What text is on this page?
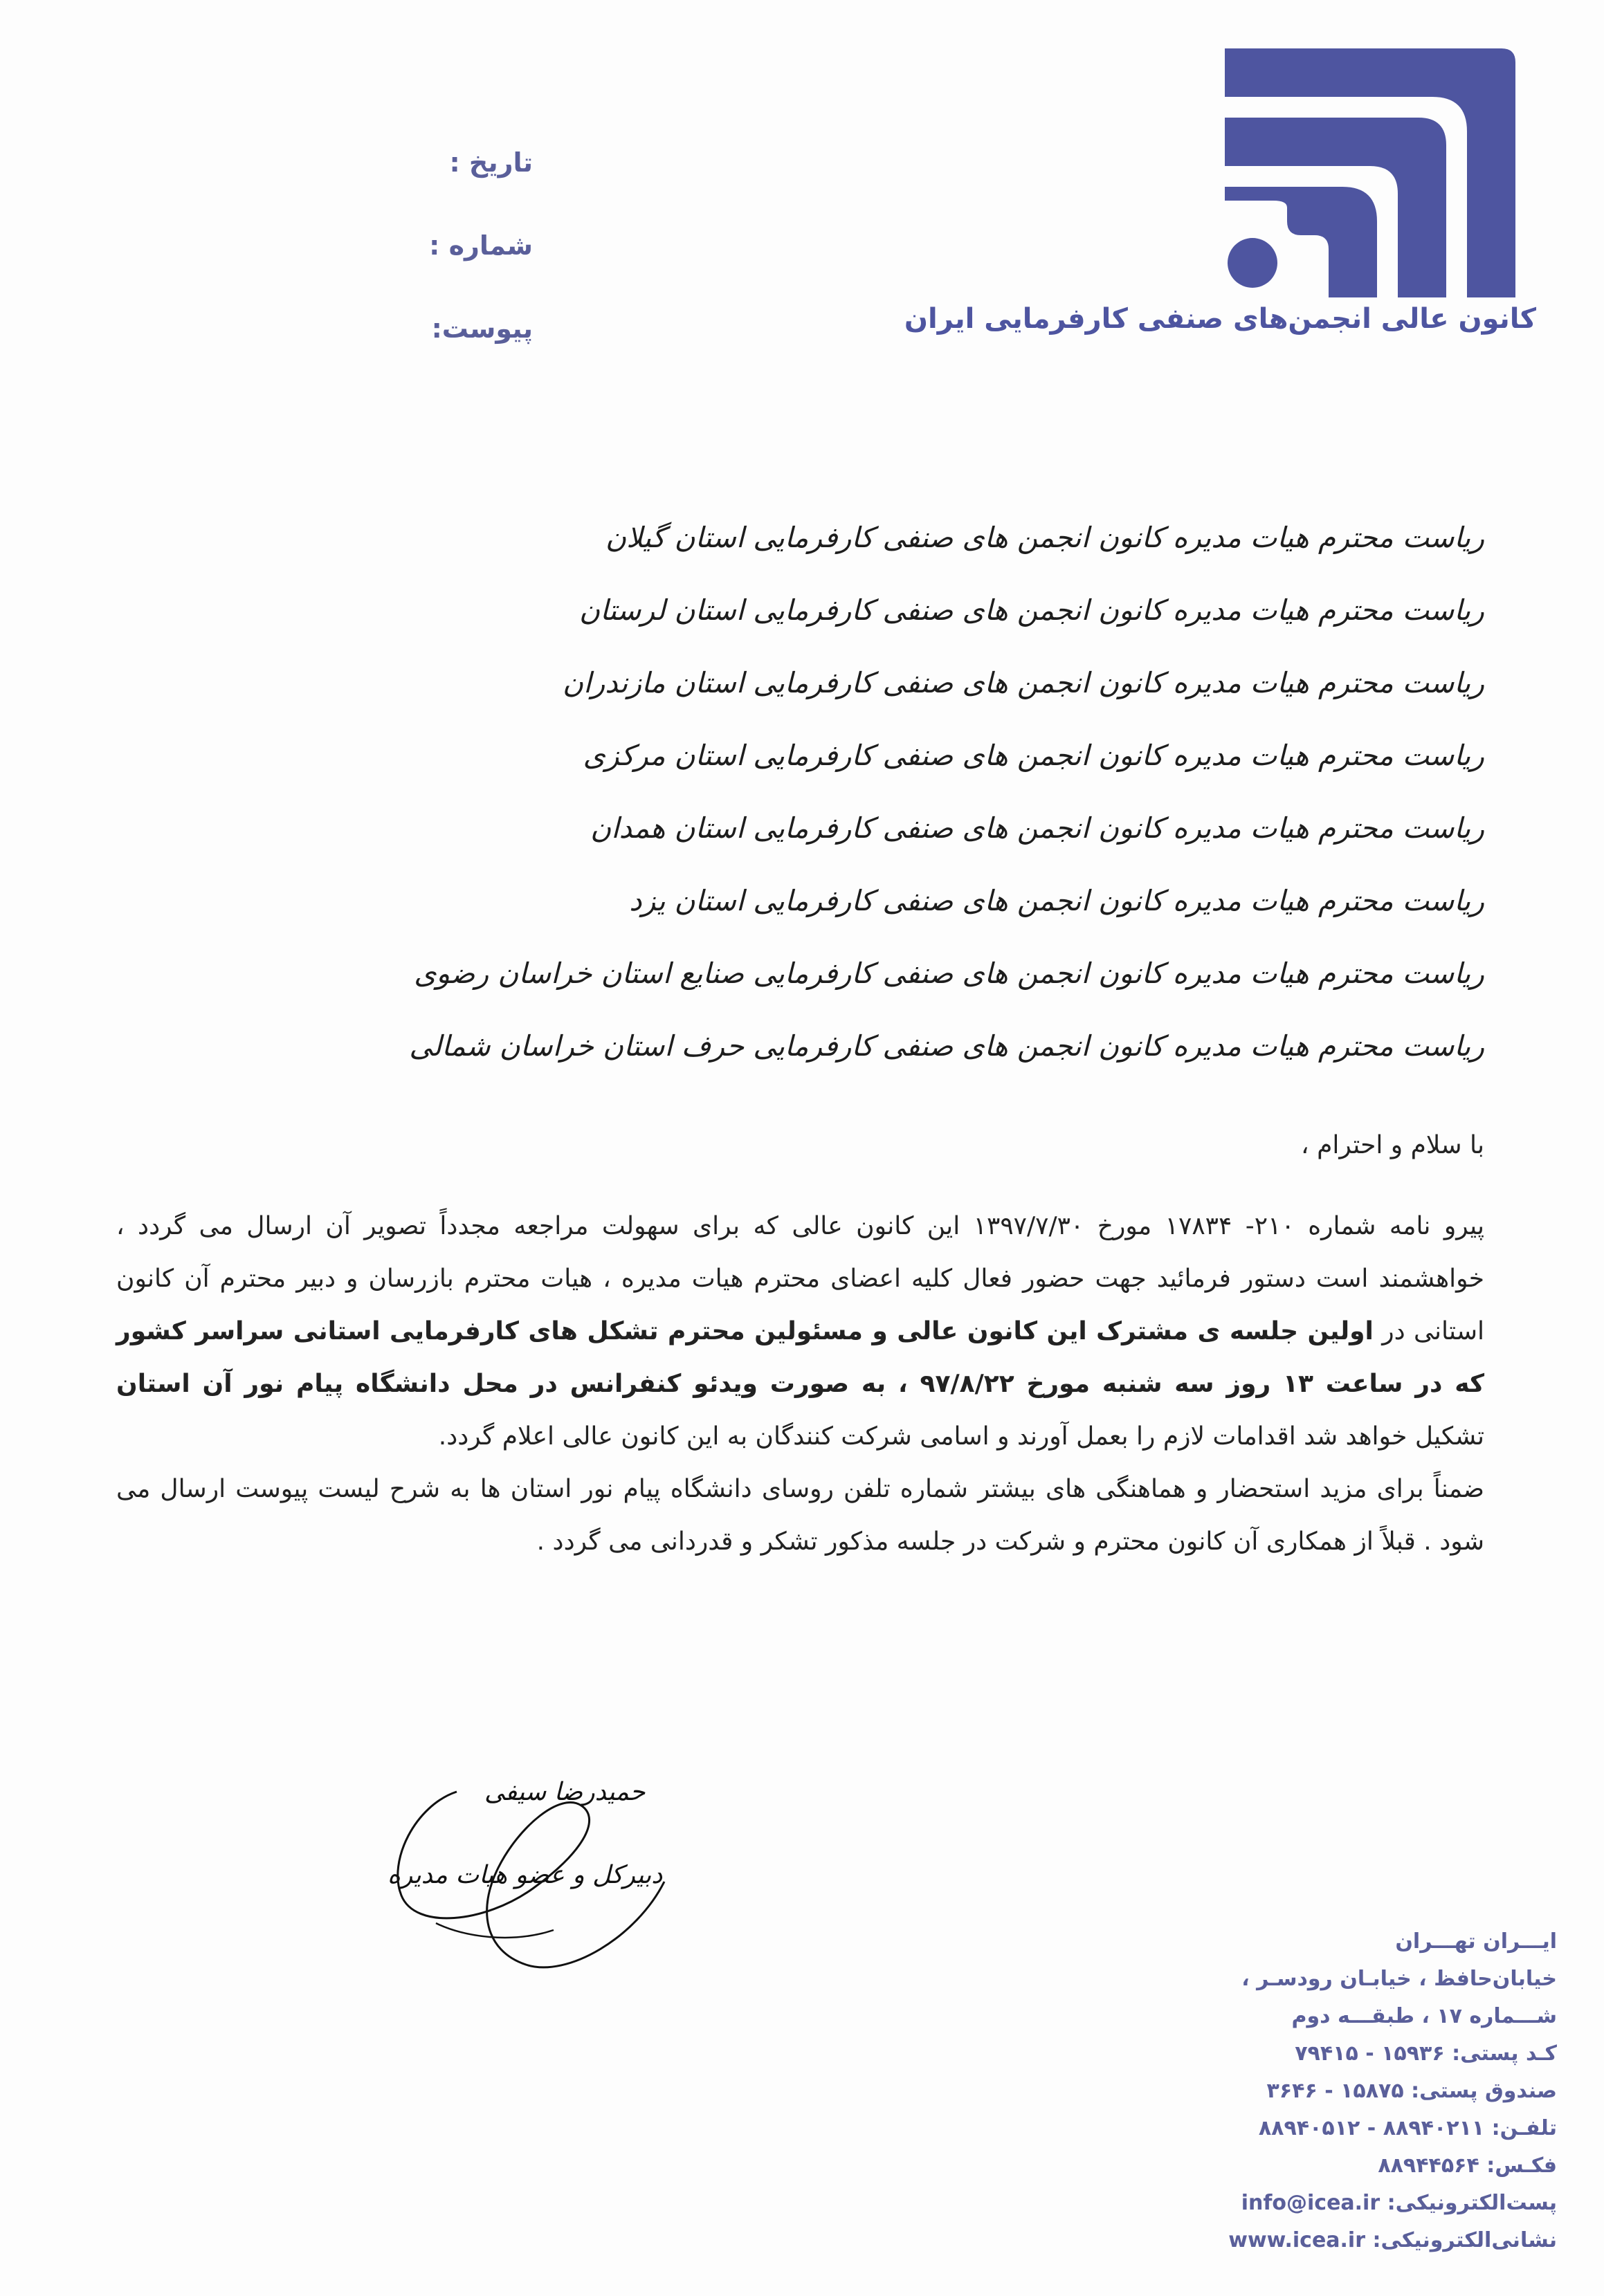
تاریخ :
شماره :
پیوست:	کانون عالی انجمن‌های صنفی کارفرمایی ایران
ریاست محترم هیات مدیره کانون انجمن های صنفی کارفرمایی استان گیلان
ریاست محترم هیات مدیره کانون انجمن های صنفی کارفرمایی استان لرستان
ریاست محترم هیات مدیره کانون انجمن های صنفی کارفرمایی استان مازندران
ریاست محترم هیات مدیره کانون انجمن های صنفی کارفرمایی استان مرکزی
ریاست محترم هیات مدیره کانون انجمن های صنفی کارفرمایی استان همدان
ریاست محترم هیات مدیره کانون انجمن های صنفی کارفرمایی استان یزد
ریاست محترم هیات مدیره کانون انجمن های صنفی کارفرمایی صنایع استان خراسان رضوی
ریاست محترم هیات مدیره کانون انجمن های صنفی کارفرمایی حرف استان خراسان شمالی
با سلام و احترام ،

پیرو نامه شماره ۲۱۰- ۱۷۸۳۴ مورخ ۱۳۹۷/۷/۳۰ این کانون عالی که برای سهولت مراجعه مجدداً تصویر آن ارسال می گردد ، خواهشمند است دستور فرمائید جهت حضور فعال کلیه اعضای محترم هیات مدیره ، هیات محترم بازرسان و دبیر محترم آن کانون استانی در اولین جلسه ی مشترک این کانون عالی و مسئولین محترم تشکل های کارفرمایی استانی سراسر کشور که در ساعت ۱۳ روز سه شنبه مورخ ۹۷/۸/۲۲ ، به صورت ویدئو کنفرانس در محل دانشگاه پیام نور آن استان تشکیل خواهد شد اقدامات لازم را بعمل آورند و اسامی شرکت کنندگان به این کانون عالی اعلام گردد.

ضمناً برای مزید استحضار و هماهنگی های بیشتر شماره تلفن روسای دانشگاه پیام نور استان ها به شرح لیست پیوست ارسال می شود . قبلاً از همکاری آن کانون محترم و شرکت در جلسه مذکور تشکر و قدردانی می گردد .

حمیدرضا سیفی
دبیرکل و عضو هیات مدیره
ایـــران تهـــران
خیابان‌حافظ ، خیابـان رودسـر ،
شـــماره ۱۷ ، طبقـــه دوم
کـد پستی: ۱۵۹۳۶ - ۷۹۴۱۵
صندوق پستی: ۱۵۸۷۵ - ۳۶۴۶
تلفـن: ۸۸۹۴۰۲۱۱ - ۸۸۹۴۰۵۱۲
فکـس: ۸۸۹۴۴۵۶۴
پست‌الکترونیکی: info@icea.ir
نشانی‌الکترونیکی: www.icea.ir
